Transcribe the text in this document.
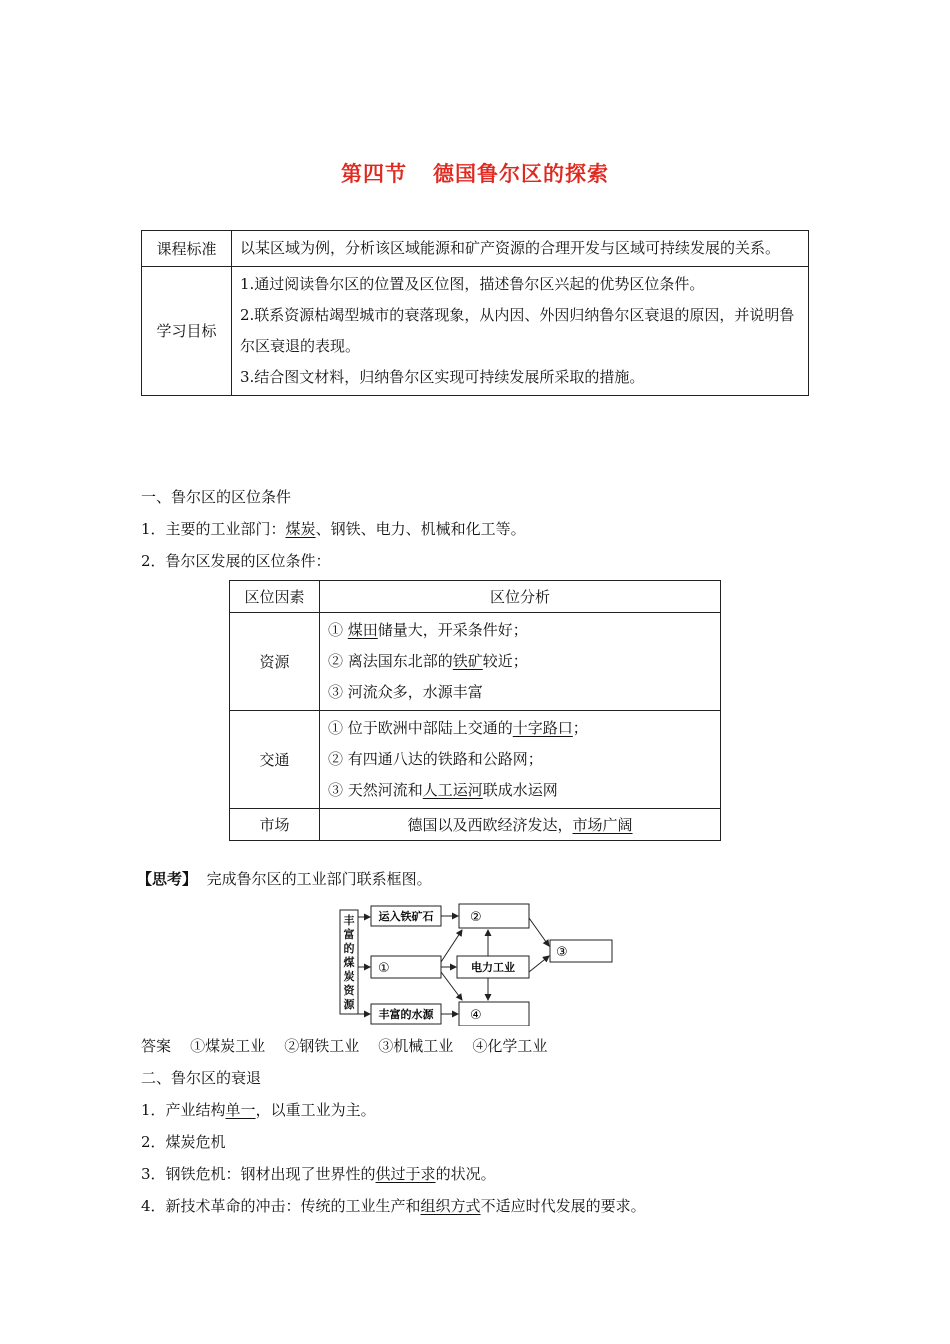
第四节 德国鲁尔区的探索
课程标准	以某区域为例，分析该区域能源和矿产资源的合理开发与区域可持续发展的关系。
学习目标	1.通过阅读鲁尔区的位置及区位图，描述鲁尔区兴起的优势区位条件。

2.联系资源枯竭型城市的衰落现象，从内因、外因归纳鲁尔区衰退的原因，并说明鲁尔区衰退的表现。

3.结合图文材料，归纳鲁尔区实现可持续发展所采取的措施。

一、鲁尔区的区位条件
1．主要的工业部门：煤炭、钢铁、电力、机械和化工等。
2．鲁尔区发展的区位条件：
区位因素	区位分析
资源	① 煤田储量大，开采条件好；

② 离法国东北部的铁矿较近；

③ 河流众多，水源丰富

交通	① 位于欧洲中部陆上交通的十字路口；

② 有四通八达的铁路和公路网；

③ 天然河流和人工运河联成水运网

市场	德国以及西欧经济发达，市场广阔
【思考】 完成鲁尔区的工业部门联系框图。
丰富的煤炭资源
运入铁矿石	②
①	电力工业
丰富的水源	④
③
答案 ①煤炭工业 ②钢铁工业 ③机械工业 ④化学工业
二、鲁尔区的衰退
1．产业结构单一，以重工业为主。
2．煤炭危机
3．钢铁危机：钢材出现了世界性的供过于求的状况。
4．新技术革命的冲击：传统的工业生产和组织方式不适应时代发展的要求。
